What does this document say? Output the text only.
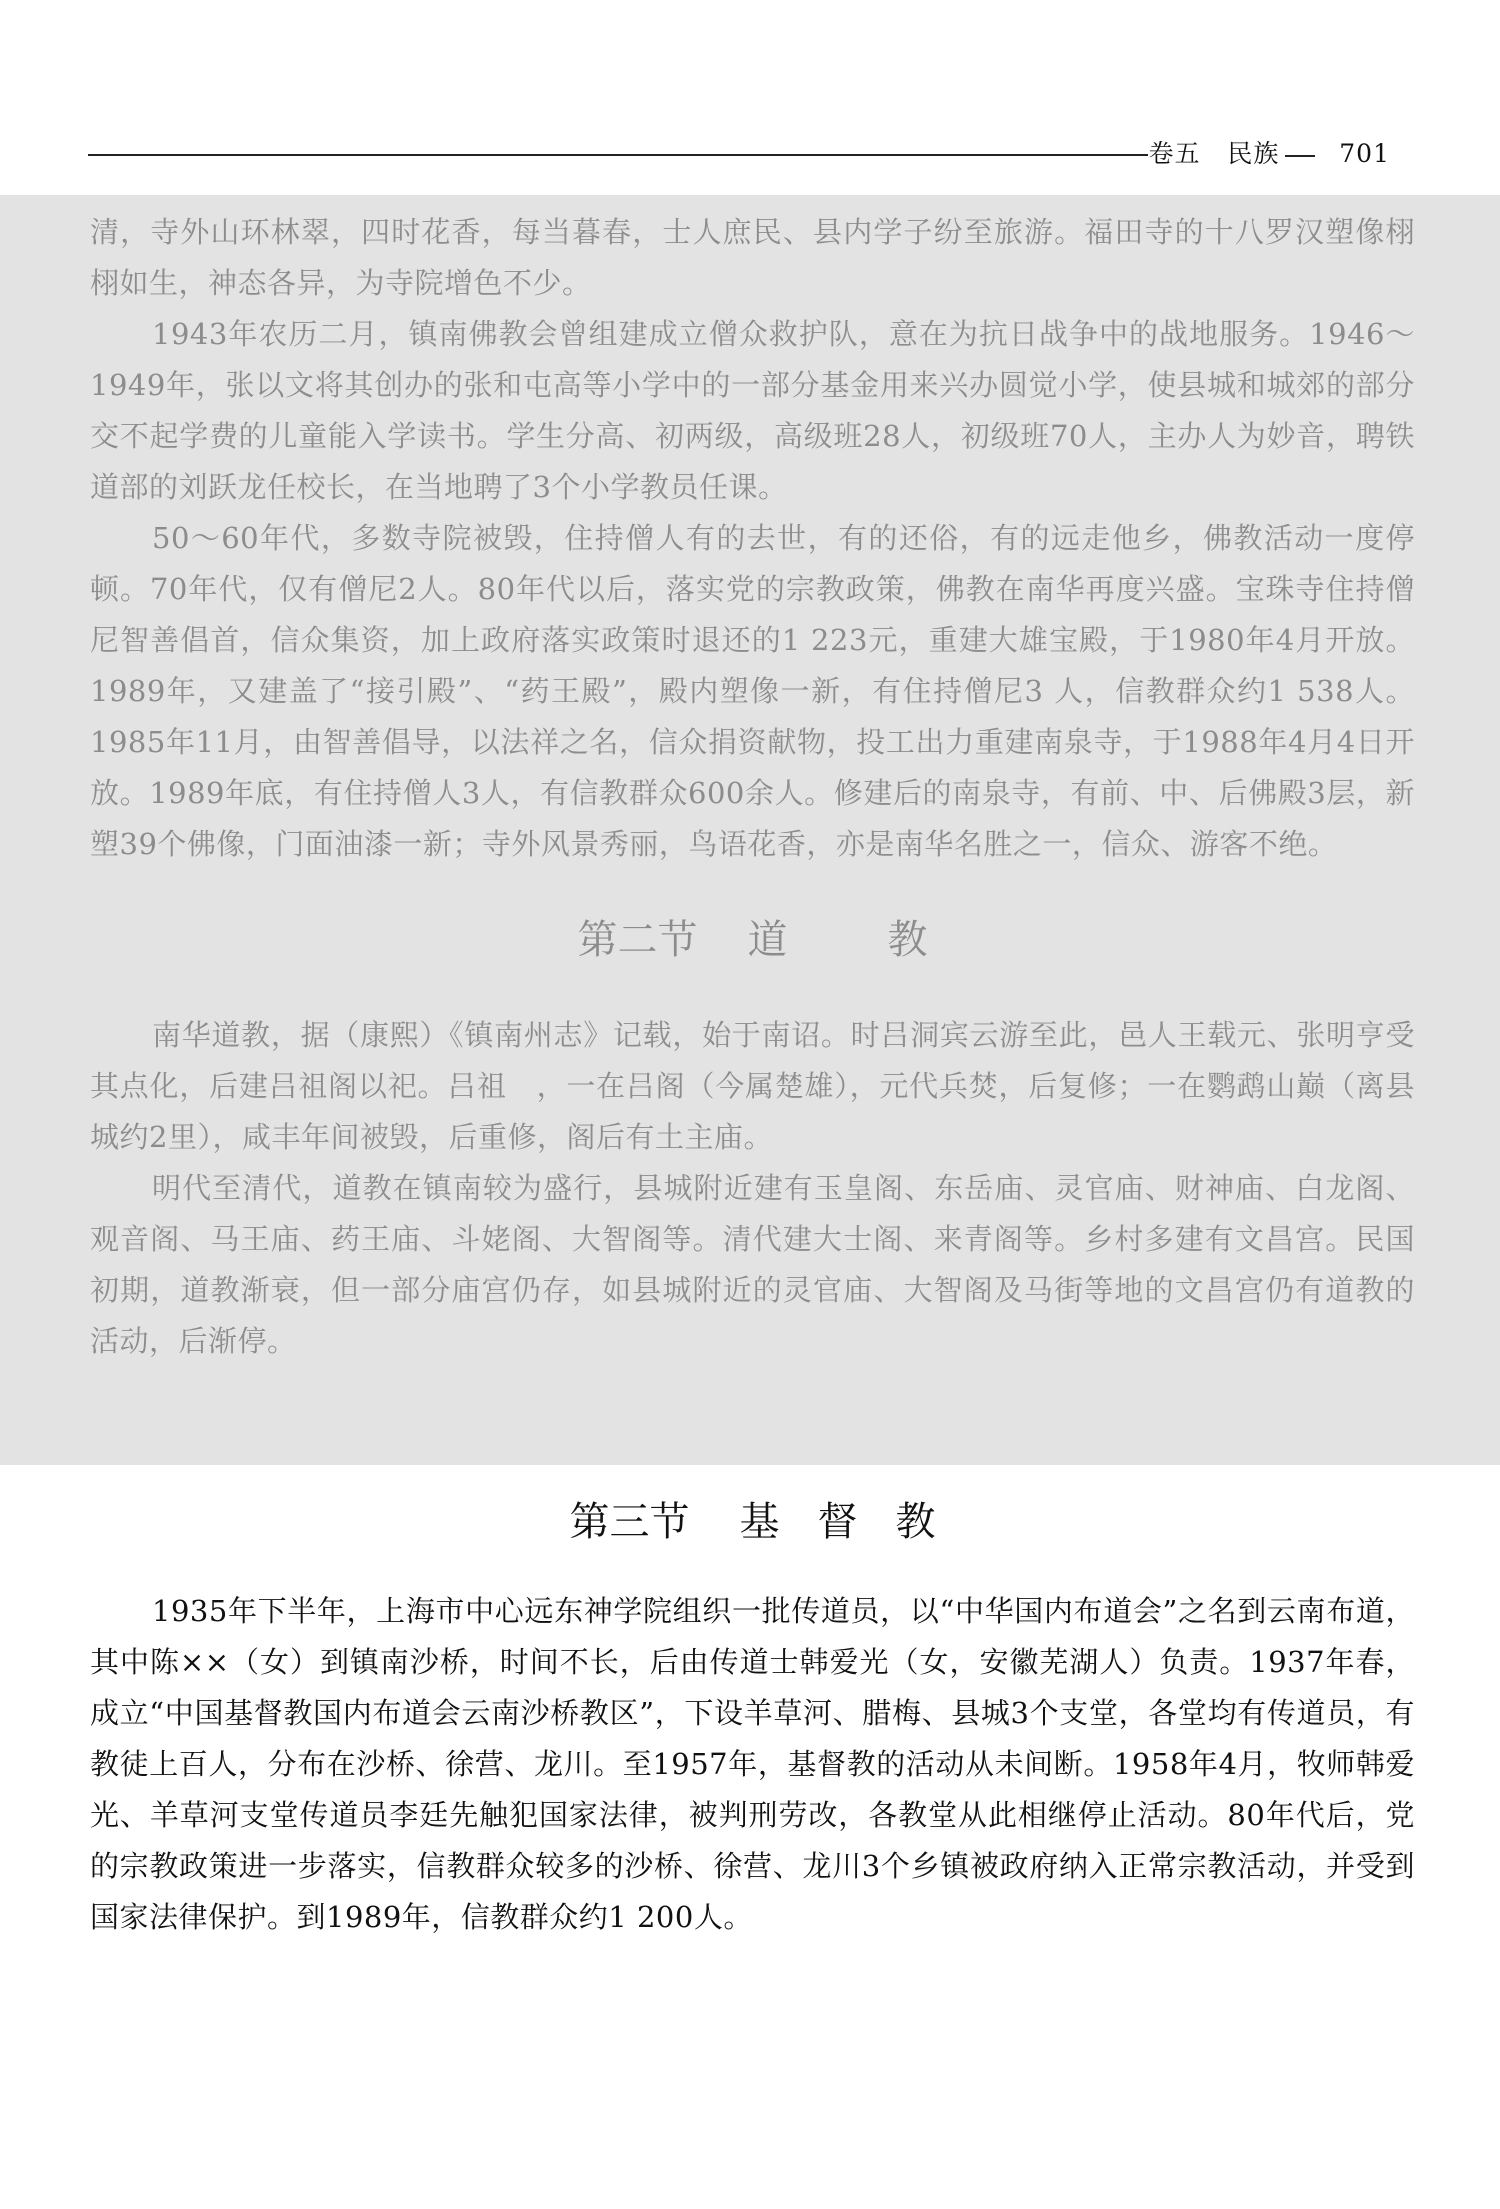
卷五 民族 701

清，寺外山环林翠，四时花香，每当暮春，士人庶民、县内学子纷至旅游。福田寺的十八罗汉塑像栩栩如生，神态各异，为寺院增色不少。

1943年农历二月，镇南佛教会曾组建成立僧众救护队，意在为抗日战争中的战地服务。1946～1949年，张以文将其创办的张和屯高等小学中的一部分基金用来兴办圆觉小学，使县城和城郊的部分交不起学费的儿童能入学读书。学生分高、初两级，高级班28人，初级班70人，主办人为妙音，聘铁道部的刘跃龙任校长，在当地聘了3个小学教员任课。

50～60年代，多数寺院被毁，住持僧人有的去世，有的还俗，有的远走他乡，佛教活动一度停顿。70年代，仅有僧尼2人。80年代以后，落实党的宗教政策，佛教在南华再度兴盛。宝珠寺住持僧尼智善倡首，信众集资，加上政府落实政策时退还的1 223元，重建大雄宝殿，于1980年4月开放。1989年，又建盖了“接引殿”、“药王殿”，殿内塑像一新，有住持僧尼3 人，信教群众约1 538人。1985年11月，由智善倡导，以法祥之名，信众捐资献物，投工出力重建南泉寺，于1988年4月4日开放。1989年底，有住持僧人3人，有信教群众600余人。修建后的南泉寺，有前、中、后佛殿3层，新塑39个佛像，门面油漆一新；寺外风景秀丽，鸟语花香，亦是南华名胜之一，信众、游客不绝。

第二节 道	教

南华道教，据（康熙）《镇南州志》记载，始于南诏。时吕洞宾云游至此，邑人王载元、张明亨受其点化，后建吕祖阁以祀。吕祖　，一在吕阁（今属楚雄），元代兵焚，后复修；一在鹦鹉山巅（离县城约2里），咸丰年间被毁，后重修，阁后有土主庙。

明代至清代，道教在镇南较为盛行，县城附近建有玉皇阁、东岳庙、灵官庙、财神庙、白龙阁、观音阁、马王庙、药王庙、斗姥阁、大智阁等。清代建大士阁、来青阁等。乡村多建有文昌宫。民国初期，道教渐衰，但一部分庙宫仍存，如县城附近的灵官庙、大智阁及马街等地的文昌宫仍有道教的活动，后渐停。

第三节 基 督 教

1935年下半年，上海市中心远东神学院组织一批传道员，以“中华国内布道会”之名到云南布道，其中陈××（女）到镇南沙桥，时间不长，后由传道士韩爱光（女，安徽芜湖人）负责。1937年春，成立“中国基督教国内布道会云南沙桥教区”，下设羊草河、腊梅、县城3个支堂，各堂均有传道员，有教徒上百人，分布在沙桥、徐营、龙川。至1957年，基督教的活动从未间断。1958年4月，牧师韩爱光、羊草河支堂传道员李廷先触犯国家法律，被判刑劳改，各教堂从此相继停止活动。80年代后，党的宗教政策进一步落实，信教群众较多的沙桥、徐营、龙川3个乡镇被政府纳入正常宗教活动，并受到国家法律保护。到1989年，信教群众约1 200人。
